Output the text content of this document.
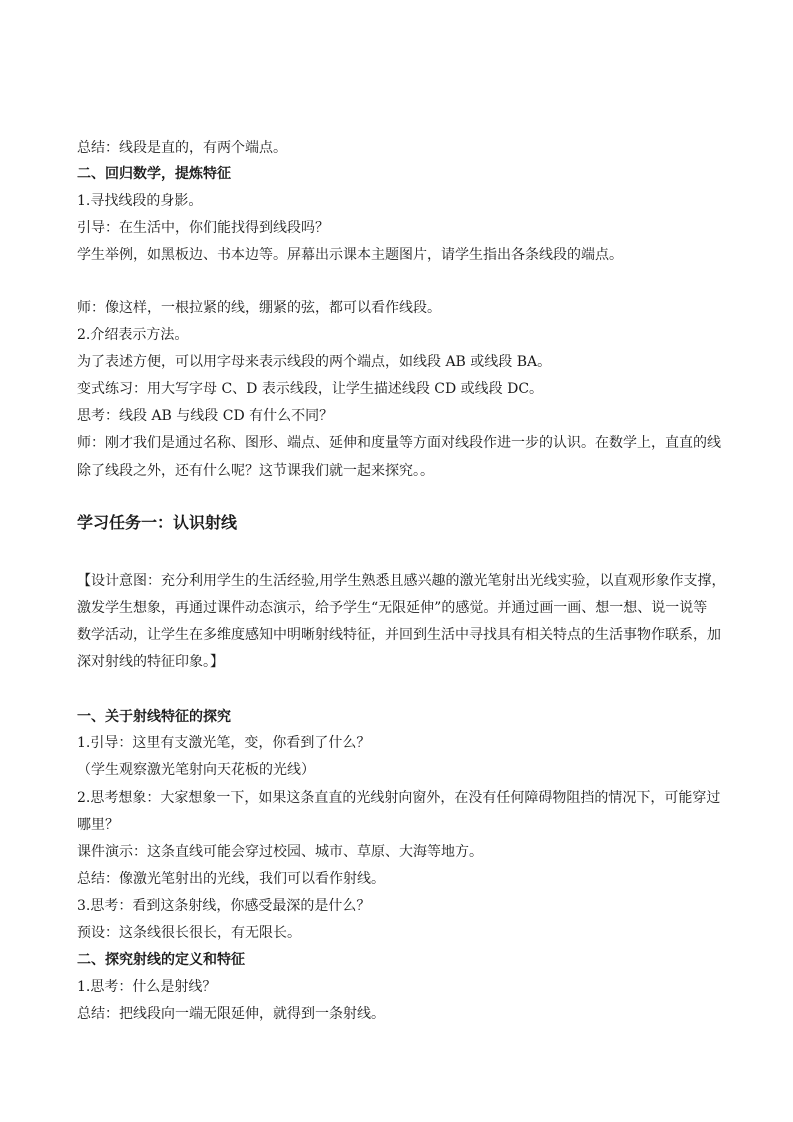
总结：线段是直的，有两个端点。
二、回归数学，提炼特征
1.寻找线段的身影。
引导：在生活中，你们能找得到线段吗？
学生举例，如黑板边、书本边等。屏幕出示课本主题图片，请学生指出各条线段的端点。
师：像这样，一根拉紧的线，绷紧的弦，都可以看作线段。
2.介绍表示方法。
为了表述方便，可以用字母来表示线段的两个端点，如线段 AB 或线段 BA。
变式练习：用大写字母 C、D 表示线段，让学生描述线段 CD 或线段 DC。
思考：线段 AB 与线段 CD 有什么不同？
师：刚才我们是通过名称、图形、端点、延伸和度量等方面对线段作进一步的认识。在数学上，直直的线
除了线段之外，还有什么呢？这节课我们就一起来探究。。
学习任务一：认识射线
【设计意图：充分利用学生的生活经验,用学生熟悉且感兴趣的激光笔射出光线实验，以直观形象作支撑，
激发学生想象，再通过课件动态演示，给予学生“无限延伸”的感觉。并通过画一画、想一想、说一说等
数学活动，让学生在多维度感知中明晰射线特征，并回到生活中寻找具有相关特点的生活事物作联系，加
深对射线的特征印象。】
一、关于射线特征的探究
1.引导：这里有支激光笔，变，你看到了什么？
（学生观察激光笔射向天花板的光线）
2.思考想象：大家想象一下，如果这条直直的光线射向窗外，在没有任何障碍物阻挡的情况下，可能穿过
哪里？
课件演示：这条直线可能会穿过校园、城市、草原、大海等地方。
总结：像激光笔射出的光线，我们可以看作射线。
3.思考：看到这条射线，你感受最深的是什么？
预设：这条线很长很长，有无限长。
二、探究射线的定义和特征
1.思考：什么是射线？
总结：把线段向一端无限延伸，就得到一条射线。
